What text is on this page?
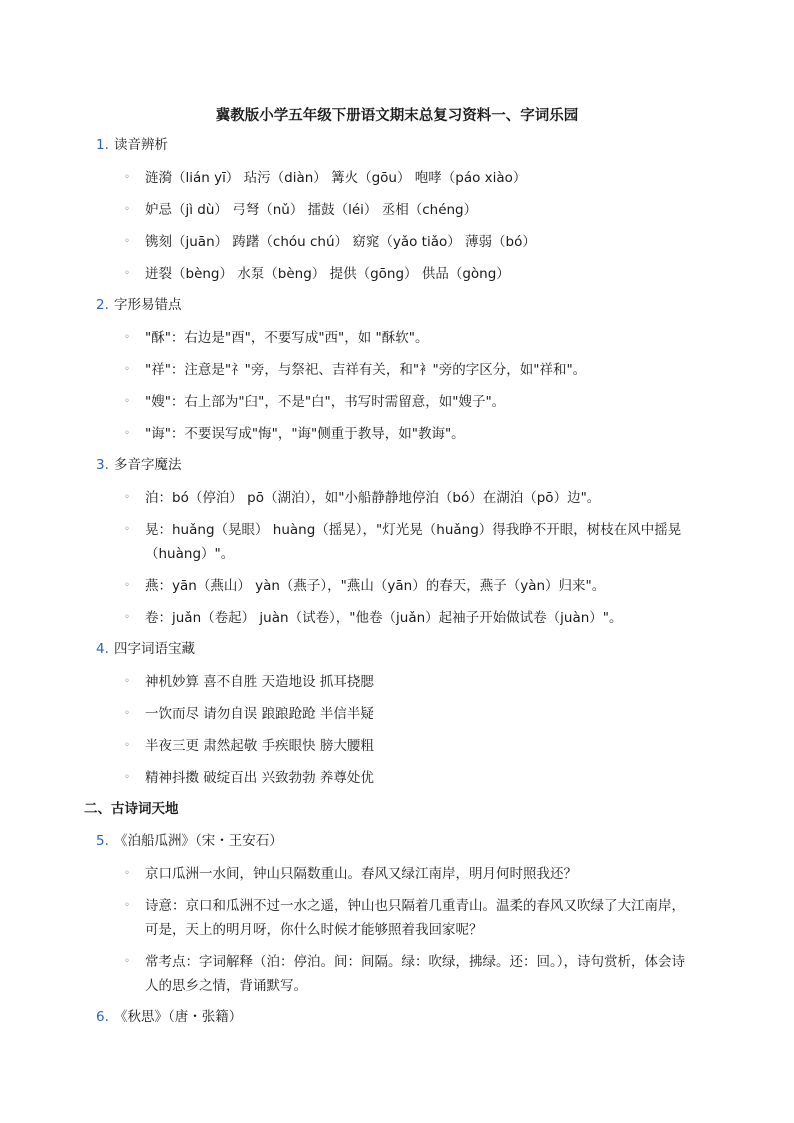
冀教版小学五年级下册语文期末总复习资料一、字词乐园
1. 读音辨析
◦ 涟漪（lián yī） 玷污（diàn） 篝火（gōu） 咆哮（páo xiào）
◦ 妒忌（jì dù） 弓弩（nǔ） 擂鼓（léi） 丞相（chéng）
◦ 镌刻（juān） 踌躇（chóu chú） 窈窕（yǎo tiǎo） 薄弱（bó）
◦ 迸裂（bèng） 水泵（bèng） 提供（gōng） 供品（gòng）
2. 字形易错点
◦ "酥"：右边是"酉"，不要写成"西"，如 "酥软"。
◦ "祥"：注意是"礻"旁，与祭祀、吉祥有关，和"衤"旁的字区分，如"祥和"。
◦ "嫂"：右上部为"臼"，不是"白"，书写时需留意，如"嫂子"。
◦ "诲"：不要误写成"悔"，"诲"侧重于教导，如"教诲"。
3. 多音字魔法
◦ 泊：bó（停泊） pō（湖泊），如"小船静静地停泊（bó）在湖泊（pō）边"。
◦ 晃：huǎng（晃眼） huàng（摇晃），"灯光晃（huǎng）得我睁不开眼，树枝在风中摇晃（huàng）"。
◦ 燕：yān（燕山） yàn（燕子），"燕山（yān）的春天，燕子（yàn）归来"。
◦ 卷：juǎn（卷起） juàn（试卷），"他卷（juǎn）起袖子开始做试卷（juàn）"。
4. 四字词语宝藏
◦ 神机妙算 喜不自胜 天造地设 抓耳挠腮
◦ 一饮而尽 请勿自误 踉踉跄跄 半信半疑
◦ 半夜三更 肃然起敬 手疾眼快 膀大腰粗
◦ 精神抖擞 破绽百出 兴致勃勃 养尊处优
二、古诗词天地
5. 《泊船瓜洲》（宋・王安石）
◦ 京口瓜洲一水间，钟山只隔数重山。春风又绿江南岸，明月何时照我还？
◦ 诗意：京口和瓜洲不过一水之遥，钟山也只隔着几重青山。温柔的春风又吹绿了大江南岸，可是，天上的明月呀，你什么时候才能够照着我回家呢？
◦ 常考点：字词解释（泊：停泊。间：间隔。绿：吹绿，拂绿。还：回。），诗句赏析，体会诗人的思乡之情，背诵默写。
6. 《秋思》（唐・张籍）
